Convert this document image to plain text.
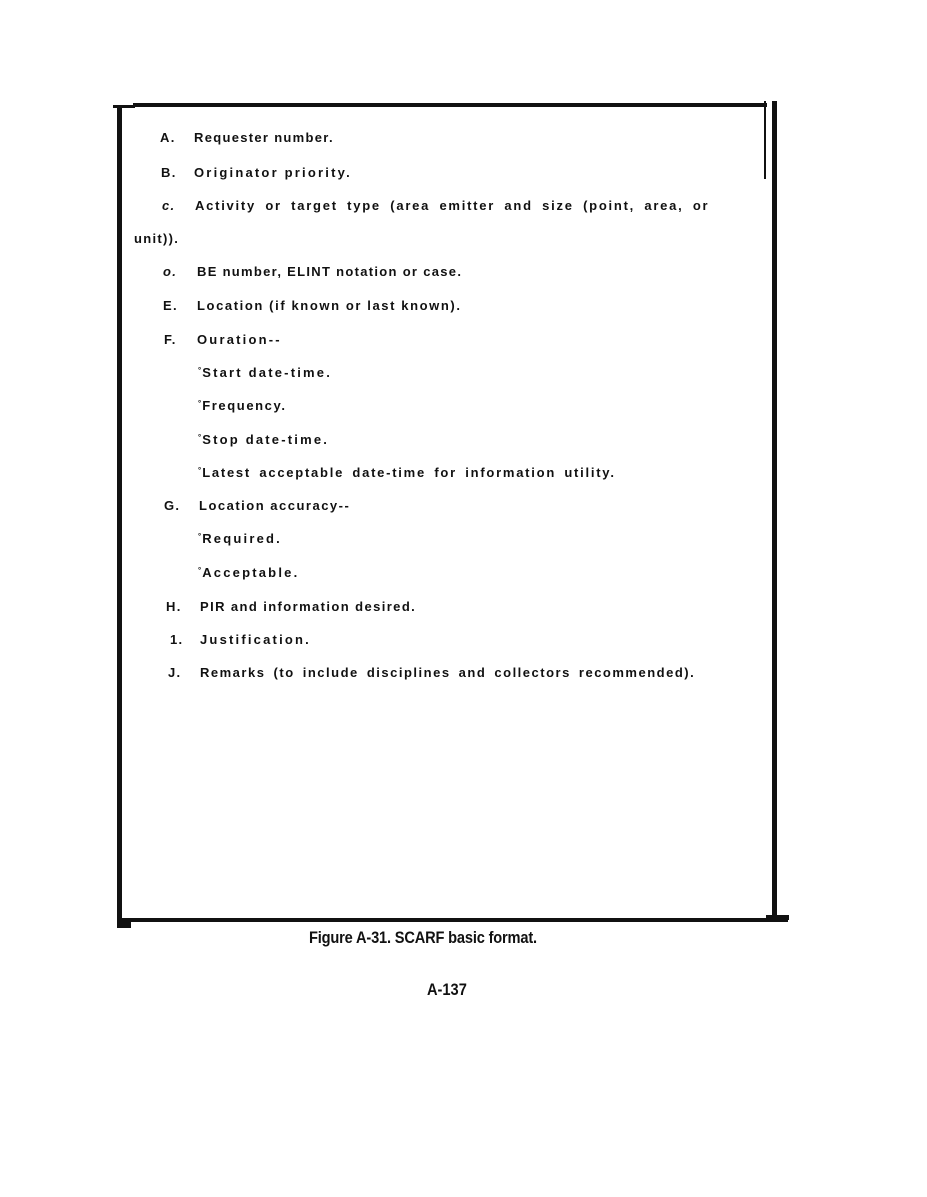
A. Requester number.
B. Originator priority.
c. Activity or target type (area emitter and size (point, area, or
unit)).
o. BE number, ELINT notation or case.
E. Location (if known or last known).
F. Ouration--
°Start date-time.
°Frequency.
°Stop date-time.
°Latest acceptable date-time for information utility.
G. Location accuracy--
°Required.
°Acceptable.
H. PIR and information desired.
1. Justification.
J. Remarks (to include disciplines and collectors recommended).
Figure A-31. SCARF basic format.
A-137
